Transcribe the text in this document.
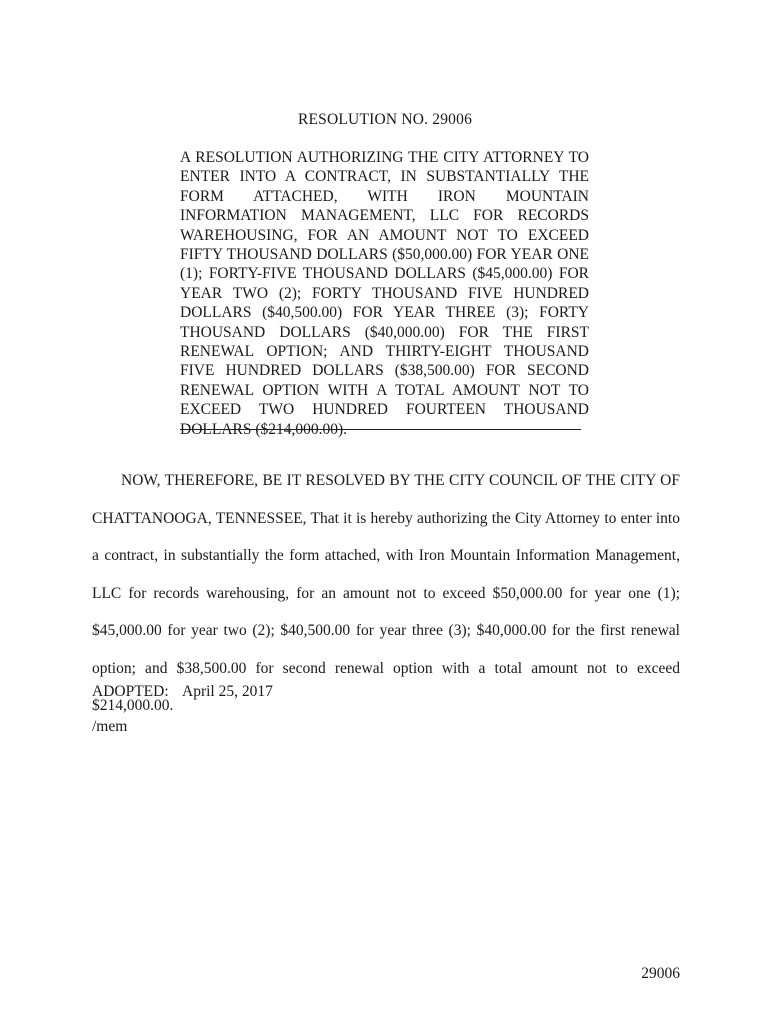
RESOLUTION NO. 29006
A RESOLUTION AUTHORIZING THE CITY ATTORNEY TO ENTER INTO A CONTRACT, IN SUBSTANTIALLY THE FORM ATTACHED, WITH IRON MOUNTAIN INFORMATION MANAGEMENT, LLC FOR RECORDS WAREHOUSING, FOR AN AMOUNT NOT TO EXCEED FIFTY THOUSAND DOLLARS ($50,000.00) FOR YEAR ONE (1); FORTY-FIVE THOUSAND DOLLARS ($45,000.00) FOR YEAR TWO (2); FORTY THOUSAND FIVE HUNDRED DOLLARS ($40,500.00) FOR YEAR THREE (3); FORTY THOUSAND DOLLARS ($40,000.00) FOR THE FIRST RENEWAL OPTION; AND THIRTY-EIGHT THOUSAND FIVE HUNDRED DOLLARS ($38,500.00) FOR SECOND RENEWAL OPTION WITH A TOTAL AMOUNT NOT TO EXCEED TWO HUNDRED FOURTEEN THOUSAND DOLLARS ($214,000.00).
NOW, THEREFORE, BE IT RESOLVED BY THE CITY COUNCIL OF THE CITY OF CHATTANOOGA, TENNESSEE, That it is hereby authorizing the City Attorney to enter into a contract, in substantially the form attached, with Iron Mountain Information Management, LLC for records warehousing, for an amount not to exceed $50,000.00 for year one (1); $45,000.00 for year two (2); $40,500.00 for year three (3); $40,000.00 for the first renewal option; and $38,500.00 for second renewal option with a total amount not to exceed $214,000.00.
ADOPTED: April 25, 2017
/mem
29006
